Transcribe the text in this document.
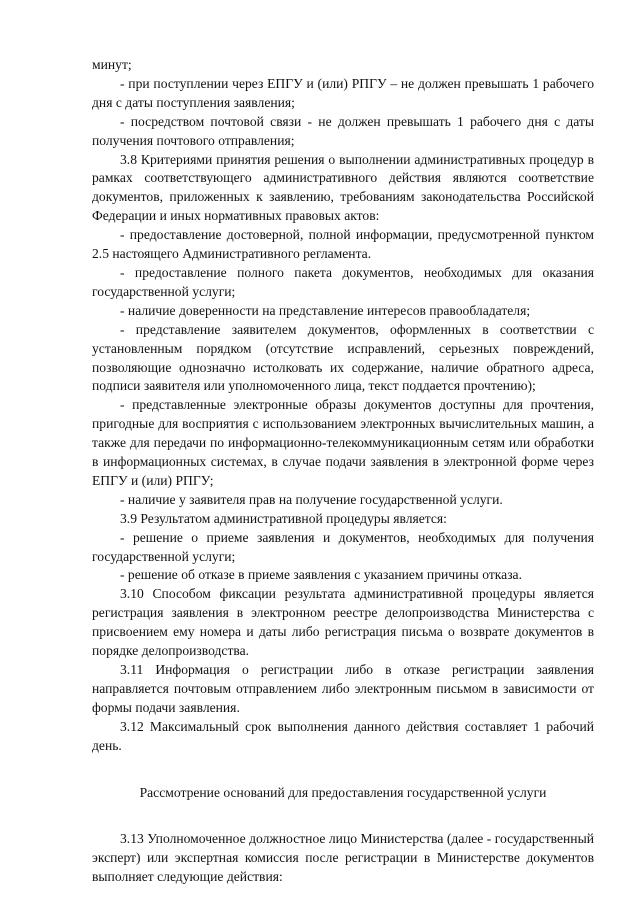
минут;

- при поступлении через ЕПГУ и (или) РПГУ – не должен превышать 1 рабочего дня с даты поступления заявления;

- посредством почтовой связи - не должен превышать 1 рабочего дня с даты получения почтового отправления;

3.8 Критериями принятия решения о выполнении административных процедур в рамках соответствующего административного действия являются соответствие документов, приложенных к заявлению, требованиям законодательства Российской Федерации и иных нормативных правовых актов:

- предоставление достоверной, полной информации, предусмотренной пунктом 2.5 настоящего Административного регламента.

- предоставление полного пакета документов, необходимых для оказания государственной услуги;

- наличие доверенности на представление интересов правообладателя;

- представление заявителем документов, оформленных в соответствии с установленным порядком (отсутствие исправлений, серьезных повреждений, позволяющие однозначно истолковать их содержание, наличие обратного адреса, подписи заявителя или уполномоченного лица, текст поддается прочтению);

- представленные электронные образы документов доступны для прочтения, пригодные для восприятия с использованием электронных вычислительных машин, а также для передачи по информационно-телекоммуникационным сетям или обработки в информационных системах, в случае подачи заявления в электронной форме через ЕПГУ и (или) РПГУ;

- наличие у заявителя прав на получение государственной услуги.

3.9 Результатом административной процедуры является:

- решение о приеме заявления и документов, необходимых для получения государственной услуги;

- решение об отказе в приеме заявления с указанием причины отказа.

3.10 Способом фиксации результата административной процедуры является регистрация заявления в электронном реестре делопроизводства Министерства с присвоением ему номера и даты либо регистрация письма о возврате документов в порядке делопроизводства.

3.11 Информация о регистрации либо в отказе регистрации заявления направляется почтовым отправлением либо электронным письмом в зависимости от формы подачи заявления.

3.12 Максимальный срок выполнения данного действия составляет 1 рабочий день.

Рассмотрение оснований для предоставления государственной услуги

3.13 Уполномоченное должностное лицо Министерства (далее - государственный эксперт) или экспертная комиссия после регистрации в Министерстве документов выполняет следующие действия:
